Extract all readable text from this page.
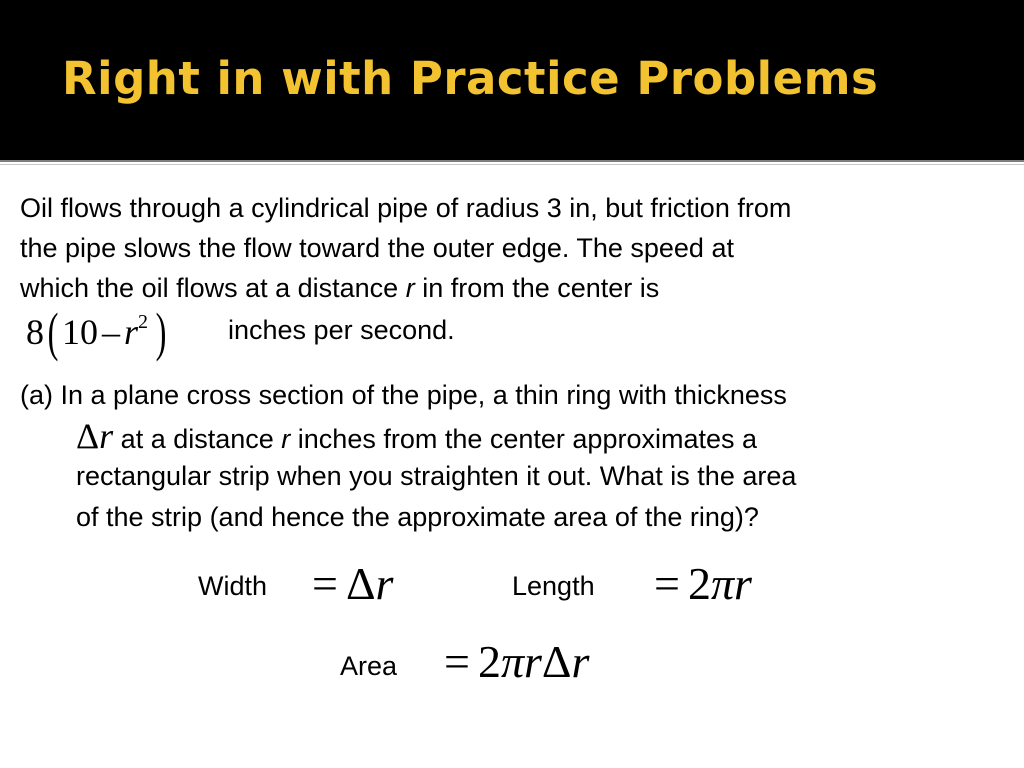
Right in with Practice Problems
Oil flows through a cylindrical pipe of radius 3 in, but friction from
the pipe slows the flow toward the outer edge. The speed at
which the oil flows at a distance r in from the center is
$8(10 - r^2$ ) inches per second.
(a) In a plane cross section of the pipe, a thin ring with thickness
Δr at a distance r inches from the center approximates a
rectangular strip when you straighten it out. What is the area
of the strip (and hence the approximate area of the ring)?
Width = Δr	Length = 2πr
Area = 2πrΔr
